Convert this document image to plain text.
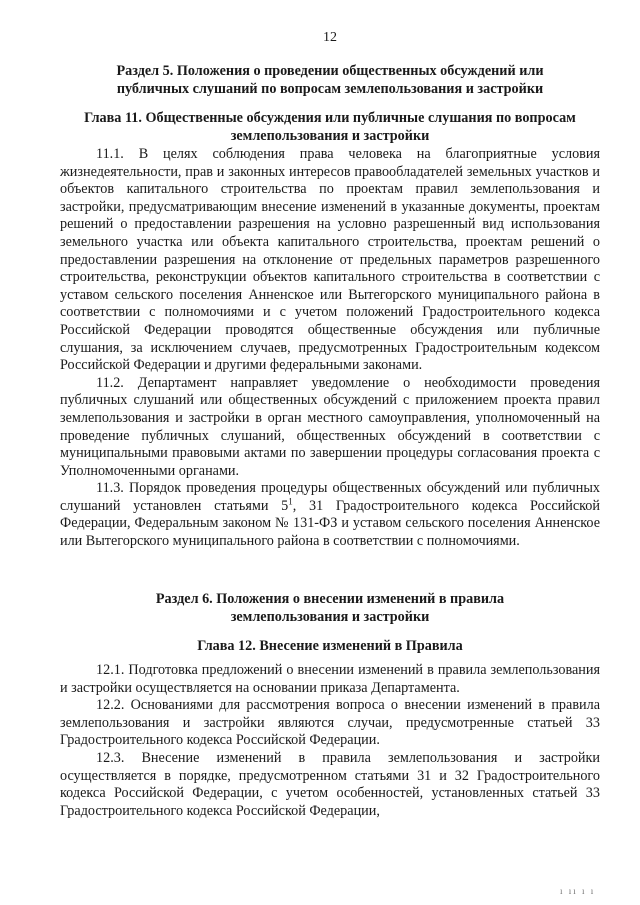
12

Раздел 5. Положения о проведении общественных обсуждений или

публичных слушаний по вопросам землепользования и застройки

Глава 11. Общественные обсуждения или публичные слушания по вопросам

землепользования и застройки

11.1. В целях соблюдения права человека на благоприятные условия жизнедеятельности, прав и законных интересов правообладателей земельных участков и объектов капитального строительства по проектам правил землепользования и застройки, предусматривающим внесение изменений в указанные документы, проектам решений о предоставлении разрешения на условно разрешенный вид использования земельного участка или объекта капитального строительства, проектам решений о предоставлении разрешения на отклонение от предельных параметров разрешенного строительства, реконструкции объектов капитального строительства в соответствии с уставом сельского поселения Анненское или Вытегорского муниципального района в соответствии с полномочиями и с учетом положений Градостроительного кодекса Российской Федерации проводятся общественные обсуждения или публичные слушания, за исключением случаев, предусмотренных Градостроительным кодексом Российской Федерации и другими федеральными законами.

11.2. Департамент направляет уведомление о необходимости проведения публичных слушаний или общественных обсуждений с приложением проекта правил землепользования и застройки в орган местного самоуправления, уполномоченный на проведение публичных слушаний, общественных обсуждений в соответствии с муниципальными правовыми актами по завершении процедуры согласования проекта с Уполномоченными органами.

11.3. Порядок проведения процедуры общественных обсуждений или публичных слушаний установлен статьями $5^1$, 31 Градостроительного кодекса Российской Федерации, Федеральным законом № 131-ФЗ и уставом сельского поселения Анненское или Вытегорского муниципального района в соответствии с полномочиями.

Раздел 6. Положения о внесении изменений в правила

землепользования и застройки

Глава 12. Внесение изменений в Правила

12.1. Подготовка предложений о внесении изменений в правила землепользования и застройки осуществляется на основании приказа Департамента.

12.2. Основаниями для рассмотрения вопроса о внесении изменений в правила землепользования и застройки являются случаи, предусмотренные статьей 33 Градостроительного кодекса Российской Федерации.

12.3. Внесение изменений в правила землепользования и застройки осуществляется в порядке, предусмотренном статьями 31 и 32 Градостроительного кодекса Российской Федерации, с учетом особенностей, установленных статьей 33 Градостроительного кодекса Российской Федерации,

ı ıı ı ı
